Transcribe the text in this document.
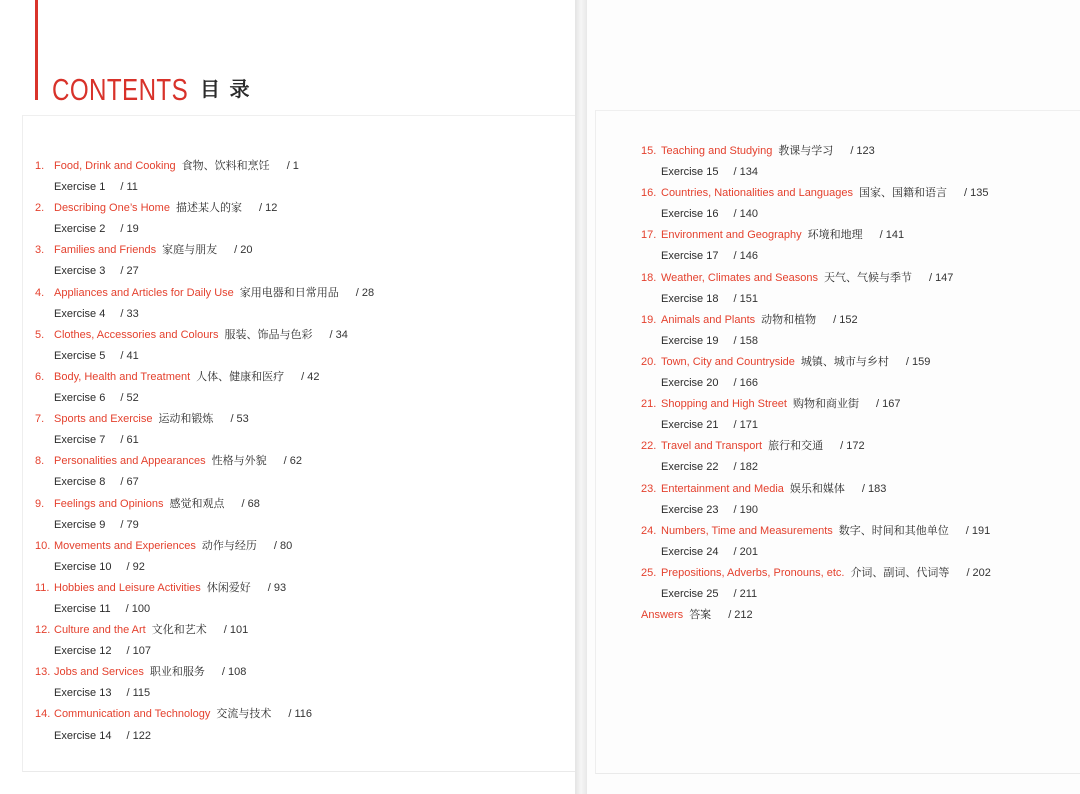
CONTENTS 目 录
1. Food, Drink and Cooking 食物、饮料和烹饪 / 1
Exercise 1 / 11
2. Describing One’s Home 描述某人的家 / 12
Exercise 2 / 19
3. Families and Friends 家庭与朋友 / 20
Exercise 3 / 27
4. Appliances and Articles for Daily Use 家用电器和日常用品 / 28
Exercise 4 / 33
5. Clothes, Accessories and Colours 服装、饰品与色彩 / 34
Exercise 5 / 41
6. Body, Health and Treatment 人体、健康和医疗 / 42
Exercise 6 / 52
7. Sports and Exercise 运动和锻炼 / 53
Exercise 7 / 61
8. Personalities and Appearances 性格与外貌 / 62
Exercise 8 / 67
9. Feelings and Opinions 感觉和观点 / 68
Exercise 9 / 79
10. Movements and Experiences 动作与经历 / 80
Exercise 10 / 92
11. Hobbies and Leisure Activities 休闲爱好 / 93
Exercise 11 / 100
12. Culture and the Art 文化和艺术 / 101
Exercise 12 / 107
13. Jobs and Services 职业和服务 / 108
Exercise 13 / 115
14. Communication and Technology 交流与技术 / 116
Exercise 14 / 122
15. Teaching and Studying 教课与学习 / 123
Exercise 15 / 134
16. Countries, Nationalities and Languages 国家、国籍和语言 / 135
Exercise 16 / 140
17. Environment and Geography 环境和地理 / 141
Exercise 17 / 146
18. Weather, Climates and Seasons 天气、气候与季节 / 147
Exercise 18 / 151
19. Animals and Plants 动物和植物 / 152
Exercise 19 / 158
20. Town, City and Countryside 城镇、城市与乡村 / 159
Exercise 20 / 166
21. Shopping and High Street 购物和商业街 / 167
Exercise 21 / 171
22. Travel and Transport 旅行和交通 / 172
Exercise 22 / 182
23. Entertainment and Media 娱乐和媒体 / 183
Exercise 23 / 190
24. Numbers, Time and Measurements 数字、时间和其他单位 / 191
Exercise 24 / 201
25. Prepositions, Adverbs, Pronouns, etc. 介词、副词、代词等 / 202
Exercise 25 / 211
Answers 答案 / 212
